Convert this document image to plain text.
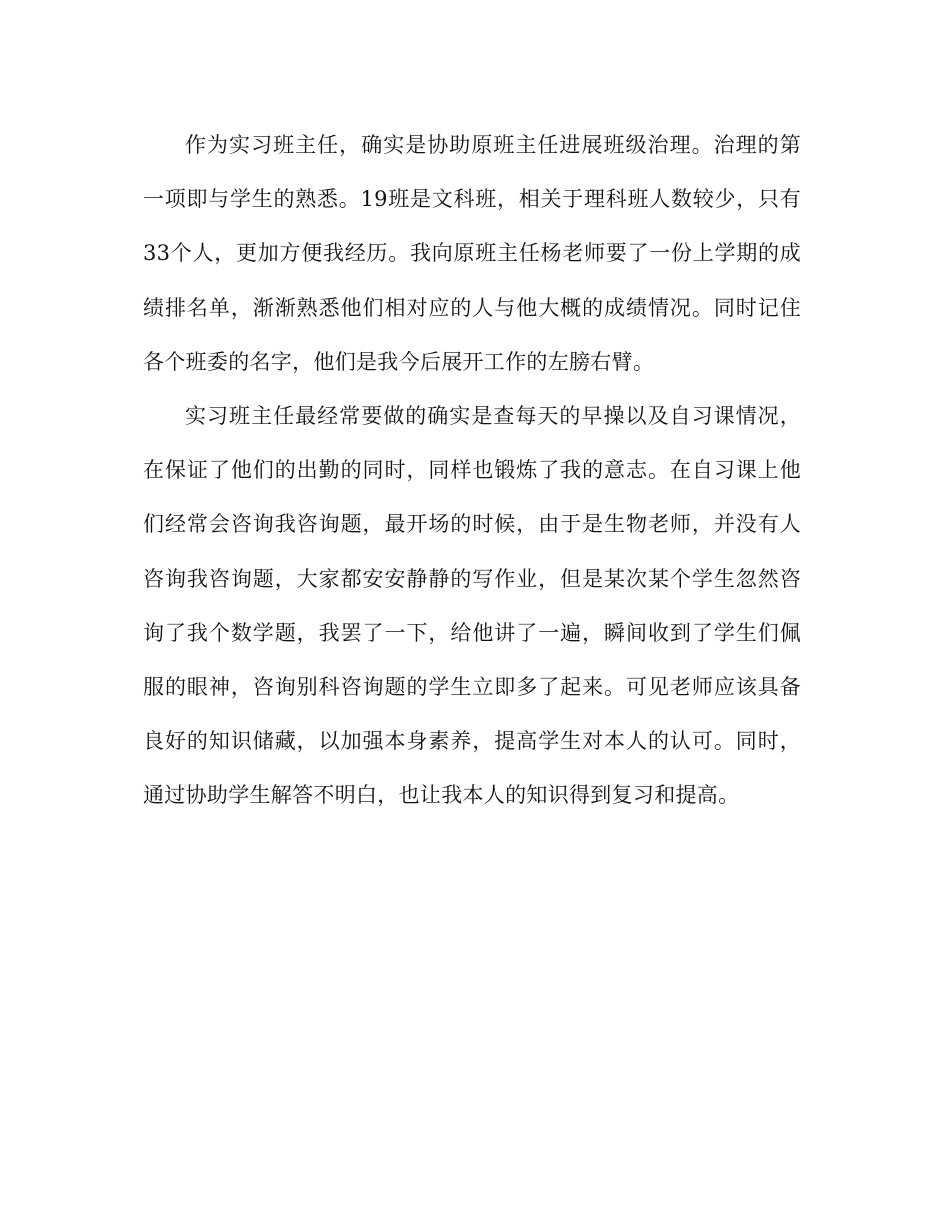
作为实习班主任，确实是协助原班主任进展班级治理。治理的第一项即与学生的熟悉。19班是文科班，相关于理科班人数较少，只有33个人，更加方便我经历。我向原班主任杨老师要了一份上学期的成绩排名单，渐渐熟悉他们相对应的人与他大概的成绩情况。同时记住各个班委的名字，他们是我今后展开工作的左膀右臂。

实习班主任最经常要做的确实是查每天的早操以及自习课情况，在保证了他们的出勤的同时，同样也锻炼了我的意志。在自习课上他们经常会咨询我咨询题，最开场的时候，由于是生物老师，并没有人咨询我咨询题，大家都安安静静的写作业，但是某次某个学生忽然咨询了我个数学题，我罢了一下，给他讲了一遍，瞬间收到了学生们佩服的眼神，咨询别科咨询题的学生立即多了起来。可见老师应该具备良好的知识储藏，以加强本身素养，提高学生对本人的认可。同时，通过协助学生解答不明白，也让我本人的知识得到复习和提高。
